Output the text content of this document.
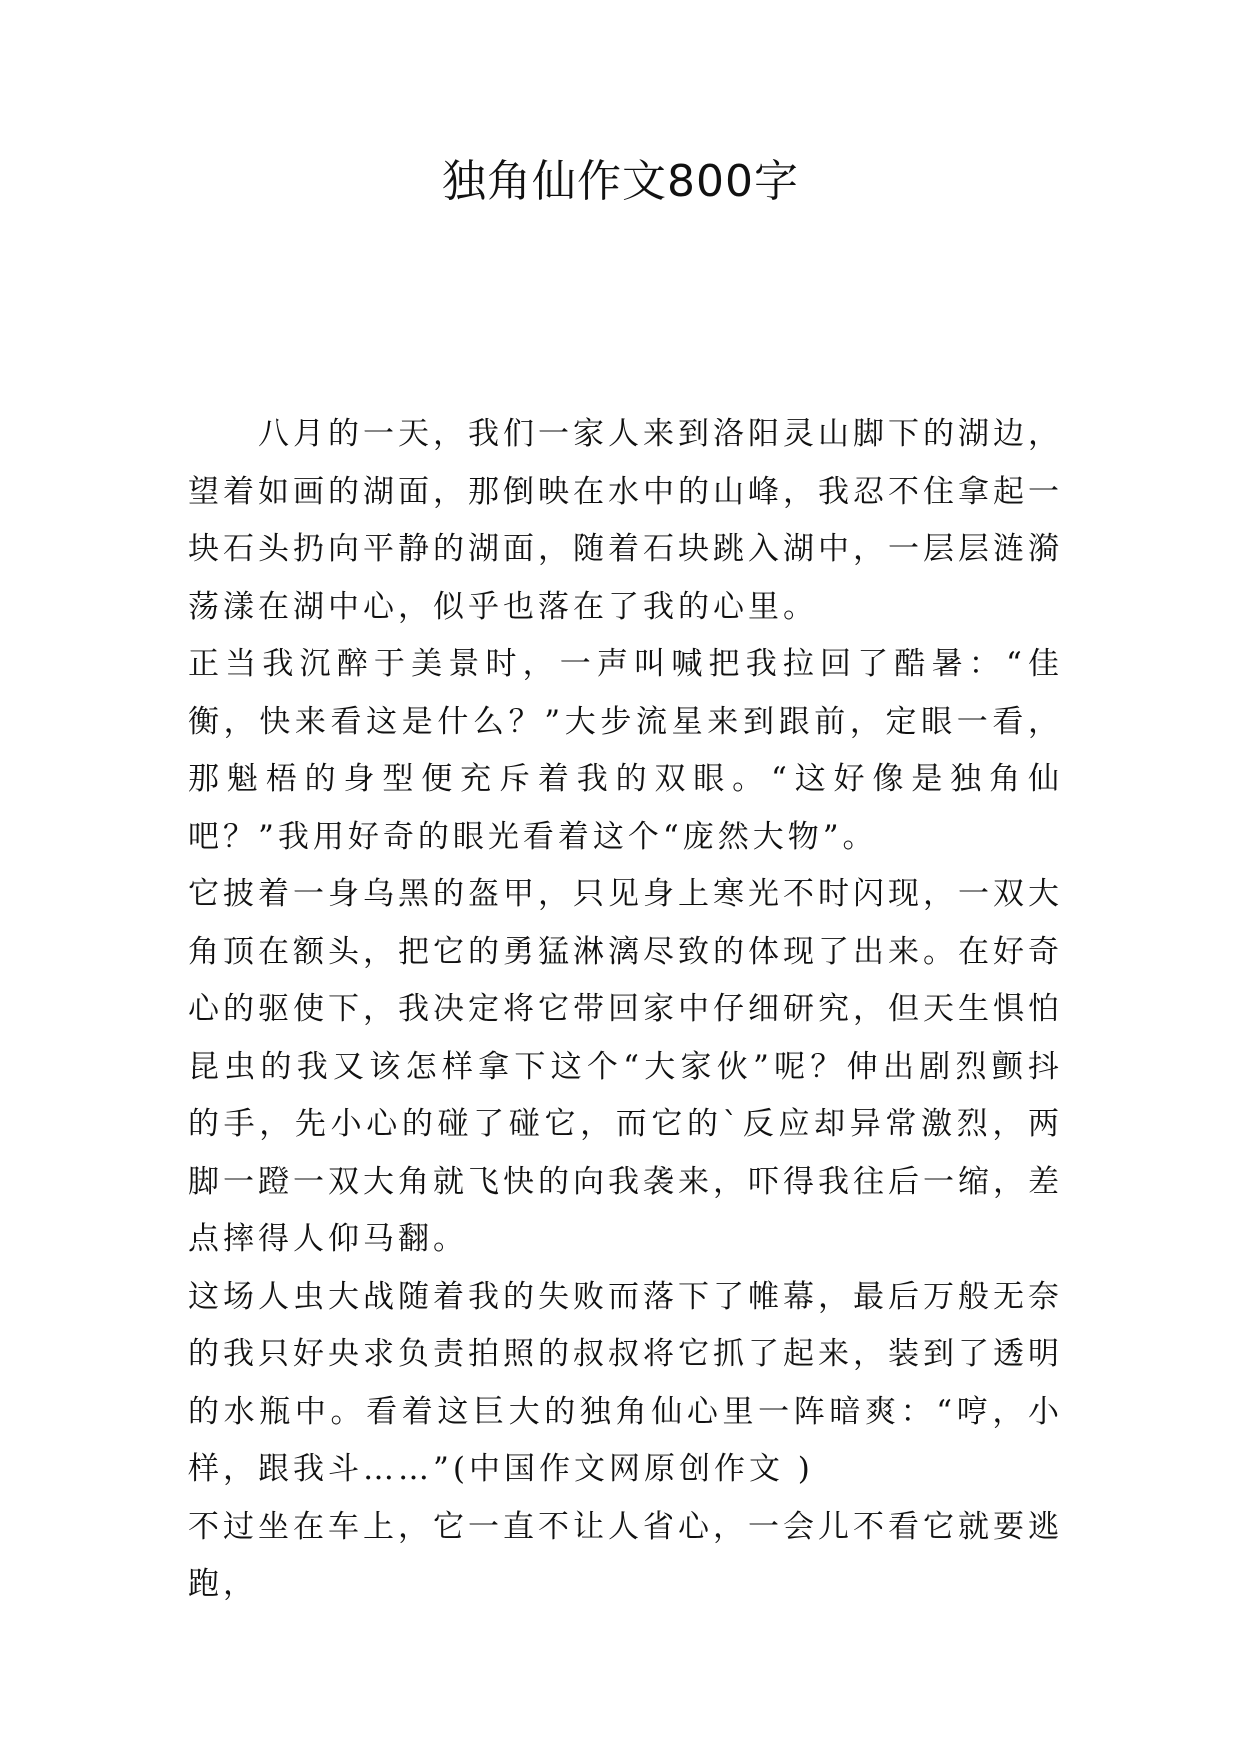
独角仙作文800字

八月的一天，我们一家人来到洛阳灵山脚下的湖边，望着如画的湖面，那倒映在水中的山峰，我忍不住拿起一块石头扔向平静的湖面，随着石块跳入湖中，一层层涟漪荡漾在湖中心，似乎也落在了我的心里。

正当我沉醉于美景时，一声叫喊把我拉回了酷暑：“佳衡，快来看这是什么？”大步流星来到跟前，定眼一看，那魁梧的身型便充斥着我的双眼。“这好像是独角仙吧？”我用好奇的眼光看着这个“庞然大物”。

它披着一身乌黑的盔甲，只见身上寒光不时闪现，一双大角顶在额头，把它的勇猛淋漓尽致的体现了出来。在好奇心的驱使下，我决定将它带回家中仔细研究，但天生惧怕昆虫的我又该怎样拿下这个“大家伙”呢？伸出剧烈颤抖的手，先小心的碰了碰它，而它的`反应却异常激烈，两脚一蹬一双大角就飞快的向我袭来，吓得我往后一缩，差点摔得人仰马翻。

这场人虫大战随着我的失败而落下了帷幕，最后万般无奈的我只好央求负责拍照的叔叔将它抓了起来，装到了透明的水瓶中。看着这巨大的独角仙心里一阵暗爽：“哼，小样，跟我斗……”(中国作文网原创作文 )

不过坐在车上，它一直不让人省心，一会儿不看它就要逃跑，
